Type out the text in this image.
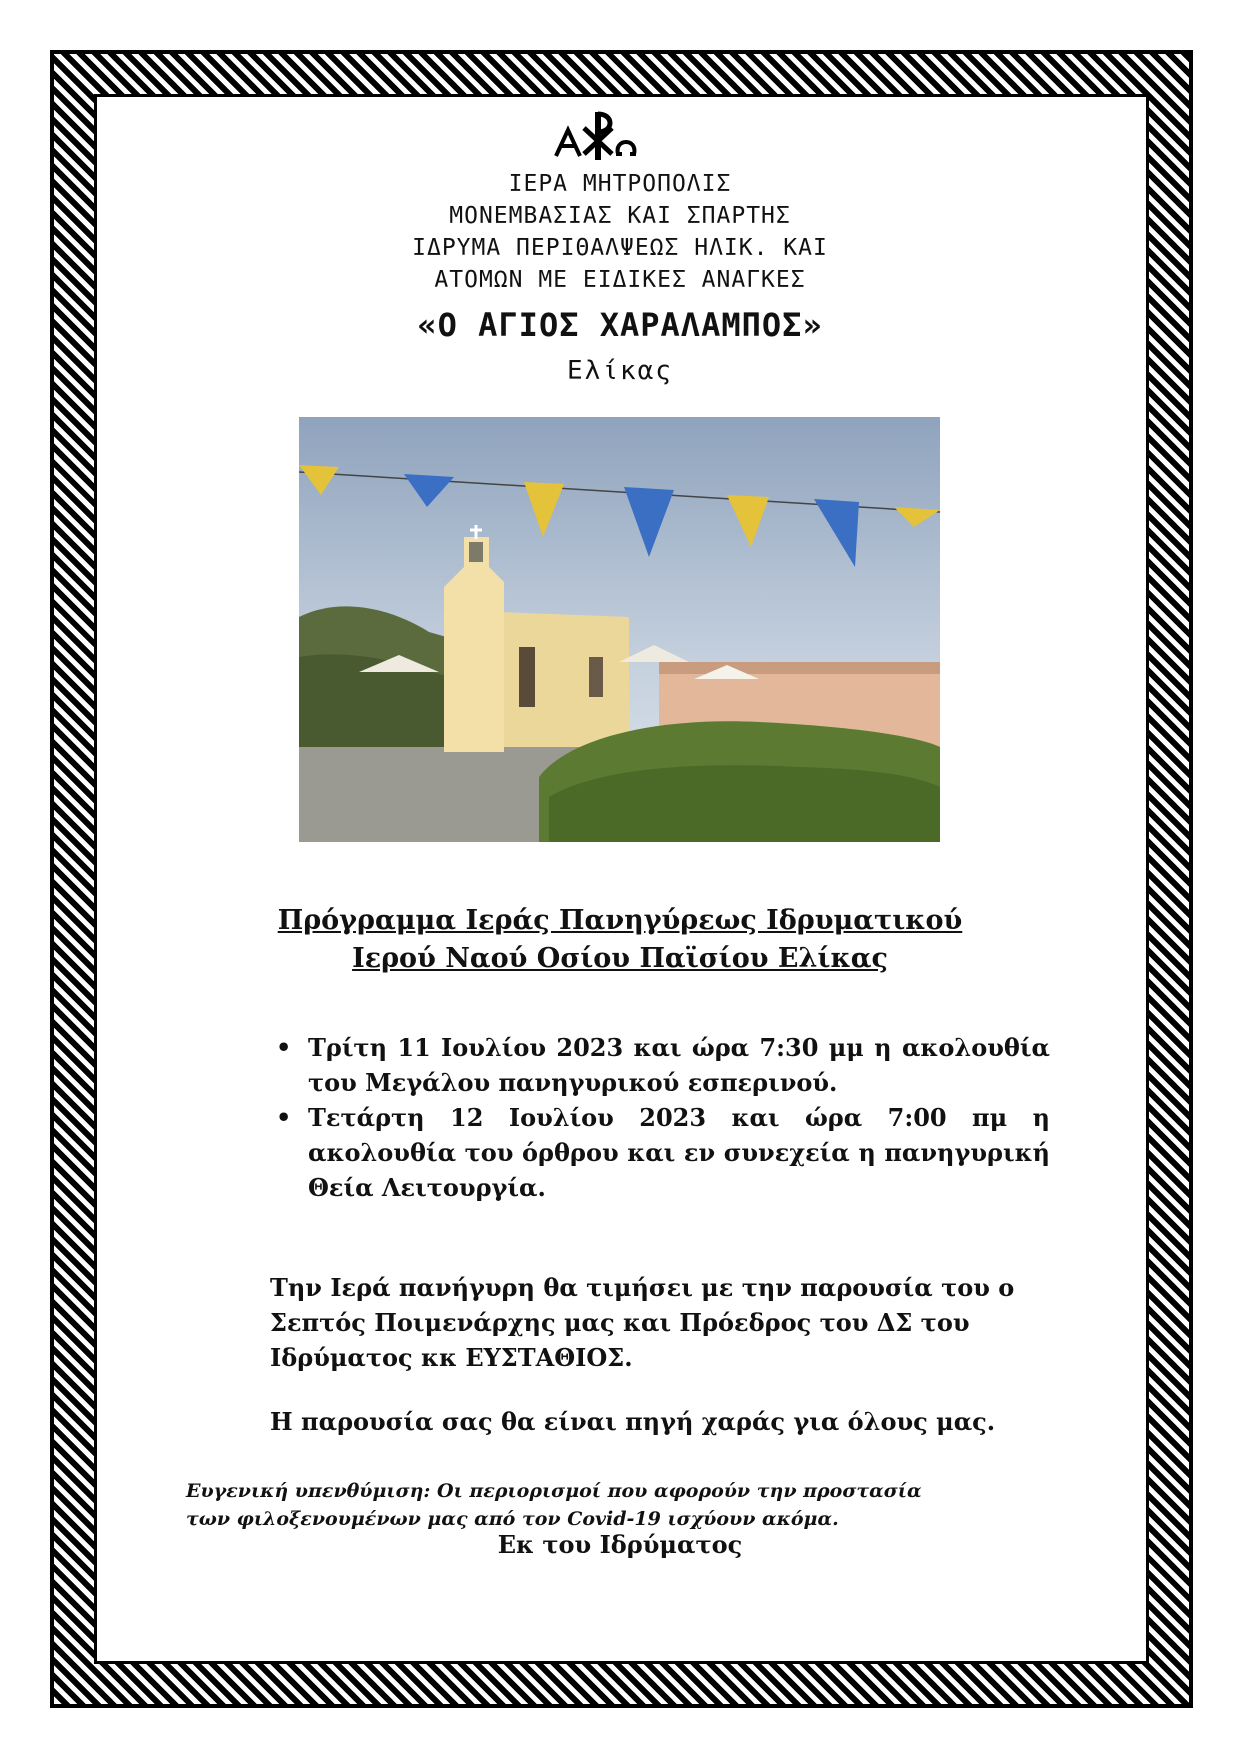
ΙΕΡΑ ΜΗΤΡΟΠΟΛΙΣ
ΜΟΝΕΜΒΑΣΙΑΣ ΚΑΙ ΣΠΑΡΤΗΣ
ΙΔΡΥΜΑ ΠΕΡΙΘΑΛΨΕΩΣ ΗΛΙΚ. ΚΑΙ
ΑΤΟΜΩΝ ΜΕ ΕΙΔΙΚΕΣ ΑΝΑΓΚΕΣ
«Ο ΑΓΙΟΣ ΧΑΡΑΛΑΜΠΟΣ»
Ελίκας
Πρόγραμμα Ιεράς Πανηγύρεως Ιδρυματικού
Ιερού Ναού Οσίου Παϊσίου Ελίκας
• Τρίτη 11 Ιουλίου 2023 και ώρα 7:30 μμ η ακολουθία του Μεγάλου πανηγυρικού εσπερινού.
• Τετάρτη 12 Ιουλίου 2023 και ώρα 7:00 πμ η ακολουθία του όρθρου και εν συνεχεία η πανηγυρική Θεία Λειτουργία.
Την Ιερά πανήγυρη θα τιμήσει με την παρουσία του ο Σεπτός Ποιμενάρχης μας και Πρόεδρος του ΔΣ του Ιδρύματος κκ ΕΥΣΤΑΘΙΟΣ.
Η παρουσία σας θα είναι πηγή χαράς για όλους μας.
Ευγενική υπενθύμιση: Οι περιορισμοί που αφορούν την προστασία
των φιλοξενουμένων μας από τον Covid-19 ισχύουν ακόμα.
Εκ του Ιδρύματος
